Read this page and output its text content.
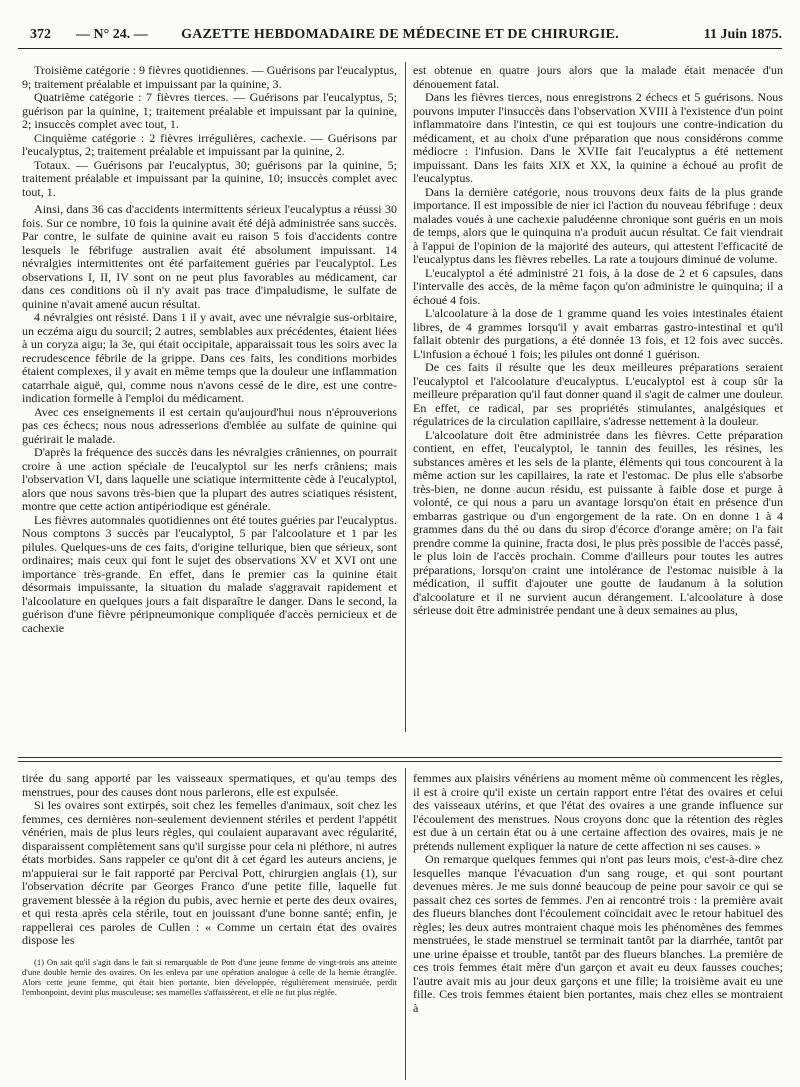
372 — N° 24. —	GAZETTE HEBDOMADAIRE DE MÉDECINE ET DE CHIRURGIE.	11 Juin 1875.

Troisième catégorie : 9 fièvres quotidiennes. — Guérisons par l'eucalyptus, 9; traitement préalable et impuissant par la quinine, 3.

Quatrième catégorie : 7 fièvres tierces. — Guérisons par l'eucalyptus, 5; guérison par la quinine, 1; traitement préalable et impuissant par la quinine, 2; insuccès complet avec tout, 1.

Cinquième catégorie : 2 fièvres irrégulières, cachexie. — Guérisons par l'eucalyptus, 2; traitement préalable et impuissant par la quinine, 2.

Totaux. — Guérisons par l'eucalyptus, 30; guérisons par la quinine, 5; traitement préalable et impuissant par la quinine, 10; insuccès complet avec tout, 1.

Ainsi, dans 36 cas d'accidents intermittents sérieux l'eucalyptus a réussi 30 fois. Sur ce nombre, 10 fois la quinine avait été déjà administrée sans succès. Par contre, le sulfate de quinine avait eu raison 5 fois d'accidents contre lesquels le fébrifuge australien avait été absolument impuissant. 14 névralgies intermittentes ont été parfaitement guéries par l'eucalyptol. Les observations I, II, IV sont on ne peut plus favorables au médicament, car dans ces conditions où il n'y avait pas trace d'impaludisme, le sulfate de quinine n'avait amené aucun résultat.

4 névralgies ont résisté. Dans 1 il y avait, avec une névralgie sus-orbitaire, un eczéma aigu du sourcil; 2 autres, semblables aux précédentes, étaient liées à un coryza aigu; la 3e, qui était occipitale, apparaissait tous les soirs avec la recrudescence fébrile de la grippe. Dans ces faits, les conditions morbides étaient complexes, il y avait en même temps que la douleur une inflammation catarrhale aiguë, qui, comme nous n'avons cessé de le dire, est une contre-indication formelle à l'emploi du médicament.

Avec ces enseignements il est certain qu'aujourd'hui nous n'éprouverions pas ces échecs; nous nous adresserions d'emblée au sulfate de quinine qui guérirait le malade.

D'après la fréquence des succès dans les névralgies crâniennes, on pourrait croire à une action spéciale de l'eucalyptol sur les nerfs crâniens; mais l'observation VI, dans laquelle une sciatique intermittente cède à l'eucalyptol, alors que nous savons très-bien que la plupart des autres sciatiques résistent, montre que cette action antipériodique est générale.

Les fièvres automnales quotidiennes ont été toutes guéries par l'eucalyptus. Nous comptons 3 succès par l'eucalyptol, 5 par l'alcoolature et 1 par les pilules. Quelques-uns de ces faits, d'origine tellurique, bien que sérieux, sont ordinaires; mais ceux qui font le sujet des observations XV et XVI ont une importance très-grande. En effet, dans le premier cas la quinine était désormais impuissante, la situation du malade s'aggravait rapidement et l'alcoolature en quelques jours a fait disparaître le danger. Dans le second, la guérison d'une fièvre péripneumonique compliquée d'accès pernicieux et de cachexie

est obtenue en quatre jours alors que la malade était menacée d'un dénouement fatal.

Dans les fièvres tierces, nous enregistrons 2 échecs et 5 guérisons. Nous pouvons imputer l'insuccès dans l'observation XVIII à l'existence d'un point inflammatoire dans l'intestin, ce qui est toujours une contre-indication du médicament, et au choix d'une préparation que nous considérons comme médiocre : l'infusion. Dans le XVIIe fait l'eucalyptus a été nettement impuissant. Dans les faits XIX et XX, la quinine a échoué au profit de l'eucalyptus.

Dans la dernière catégorie, nous trouvons deux faits de la plus grande importance. Il est impossible de nier ici l'action du nouveau fébrifuge : deux malades voués à une cachexie paludéenne chronique sont guéris en un mois de temps, alors que le quinquina n'a produit aucun résultat. Ce fait viendrait à l'appui de l'opinion de la majorité des auteurs, qui attestent l'efficacité de l'eucalyptus dans les fièvres rebelles. La rate a toujours diminué de volume.

L'eucalyptol a été administré 21 fois, à la dose de 2 et 6 capsules, dans l'intervalle des accès, de la même façon qu'on administre le quinquina; il a échoué 4 fois.

L'alcoolature à la dose de 1 gramme quand les voies intestinales étaient libres, de 4 grammes lorsqu'il y avait embarras gastro-intestinal et qu'il fallait obtenir des purgations, a été donnée 13 fois, et 12 fois avec succès. L'infusion a échoué 1 fois; les pilules ont donné 1 guérison.

De ces faits il résulte que les deux meilleures préparations seraient l'eucalyptol et l'alcoolature d'eucalyptus. L'eucalyptol est à coup sûr la meilleure préparation qu'il faut donner quand il s'agit de calmer une douleur. En effet, ce radical, par ses propriétés stimulantes, analgésiques et régulatrices de la circulation capillaire, s'adresse nettement à la douleur.

L'alcoolature doit être administrée dans les fièvres. Cette préparation contient, en effet, l'eucalyptol, le tannin des feuilles, les résines, les substances amères et les sels de la plante, éléments qui tous concourent à la même action sur les capillaires, la rate et l'estomac. De plus elle s'absorbe très-bien, ne donne aucun résidu, est puissante à faible dose et purge à volonté, ce qui nous a paru un avantage lorsqu'on était en présence d'un embarras gastrique ou d'un engorgement de la rate. On en donne 1 à 4 grammes dans du thé ou dans du sirop d'écorce d'orange amère; on l'a fait prendre comme la quinine, fracta dosi, le plus près possible de l'accès passé, le plus loin de l'accès prochain. Comme d'ailleurs pour toutes les autres préparations, lorsqu'on craint une intolérance de l'estomac nuisible à la médication, il suffit d'ajouter une goutte de laudanum à la solution d'alcoolature et il ne survient aucun dérangement. L'alcoolature à dose sérieuse doit être administrée pendant une à deux semaines au plus,

tirée du sang apporté par les vaisseaux spermatiques, et qu'au temps des menstrues, pour des causes dont nous parlerons, elle est expulsée.

Si les ovaires sont extirpés, soit chez les femelles d'animaux, soit chez les femmes, ces dernières non-seulement deviennent stériles et perdent l'appétit vénérien, mais de plus leurs règles, qui coulaient auparavant avec régularité, disparaissent complètement sans qu'il surgisse pour cela ni pléthore, ni autres états morbides. Sans rappeler ce qu'ont dit à cet égard les auteurs anciens, je m'appuierai sur le fait rapporté par Percival Pott, chirurgien anglais (1), sur l'observation décrite par Georges Franco d'une petite fille, laquelle fut gravement blessée à la région du pubis, avec hernie et perte des deux ovaires, et qui resta après cela stérile, tout en jouissant d'une bonne santé; enfin, je rappellerai ces paroles de Cullen : « Comme un certain état des ovaires dispose les

(1) On sait qu'il s'agit dans le fait si remarquable de Pott d'une jeune femme de vingt-trois ans atteinte d'une double hernie des ovaires. On les enleva par une opération analogue à celle de la hernie étranglée. Alors cette jeune femme, qui était bien portante, bien développée, régulièrement menstruée, perdit l'embonpoint, devint plus musculeuse; ses mamelles s'affaissèrent, et elle ne fut plus réglée.

femmes aux plaisirs vénériens au moment même où commencent les règles, il est à croire qu'il existe un certain rapport entre l'état des ovaires et celui des vaisseaux utérins, et que l'état des ovaires a une grande influence sur l'écoulement des menstrues. Nous croyons donc que la rétention des règles est due à un certain état ou à une certaine affection des ovaires, mais je ne prétends nullement expliquer la nature de cette affection ni ses causes. »

On remarque quelques femmes qui n'ont pas leurs mois, c'est-à-dire chez lesquelles manque l'évacuation d'un sang rouge, et qui sont pourtant devenues mères. Je me suis donné beaucoup de peine pour savoir ce qui se passait chez ces sortes de femmes. J'en ai rencontré trois : la première avait des flueurs blanches dont l'écoulement coïncidait avec le retour habituel des règles; les deux autres montraient chaque mois les phénomènes des femmes menstruées, le stade menstruel se terminait tantôt par la diarrhée, tantôt par une urine épaisse et trouble, tantôt par des flueurs blanches. La première de ces trois femmes était mère d'un garçon et avait eu deux fausses couches; l'autre avait mis au jour deux garçons et une fille; la troisième avait eu une fille. Ces trois femmes étaient bien portantes, mais chez elles se montraient à
